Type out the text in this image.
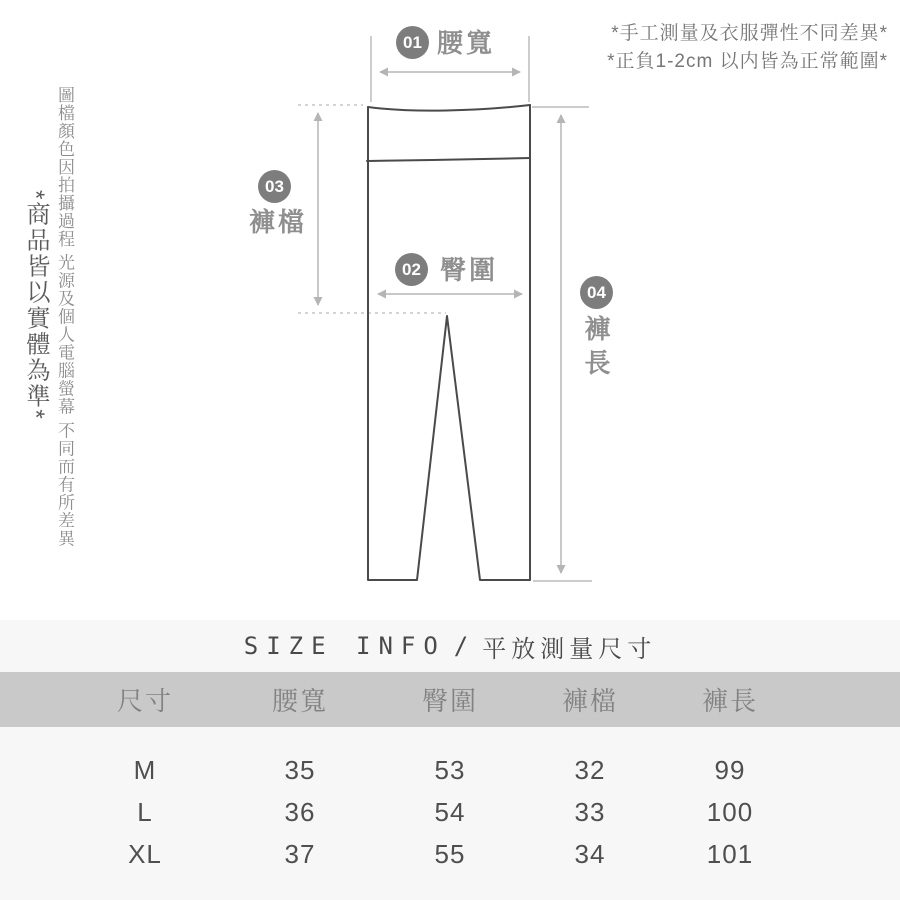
01 腰寬
02 臀圍
03
褲檔
04
褲長
*手工測量及衣服彈性不同差異*
*正負1-2cm 以内皆為正常範圍*
*商品皆以實體為準* 圖檔顏色因拍攝過程 光源及個人電腦螢幕 不同而有所差異
SIZE INFO / 平放測量尺寸
尺寸	腰寬	臀圍	褲檔	褲長
M	35	53	32	99
L	36	54	33	100
XL	37	55	34	101
